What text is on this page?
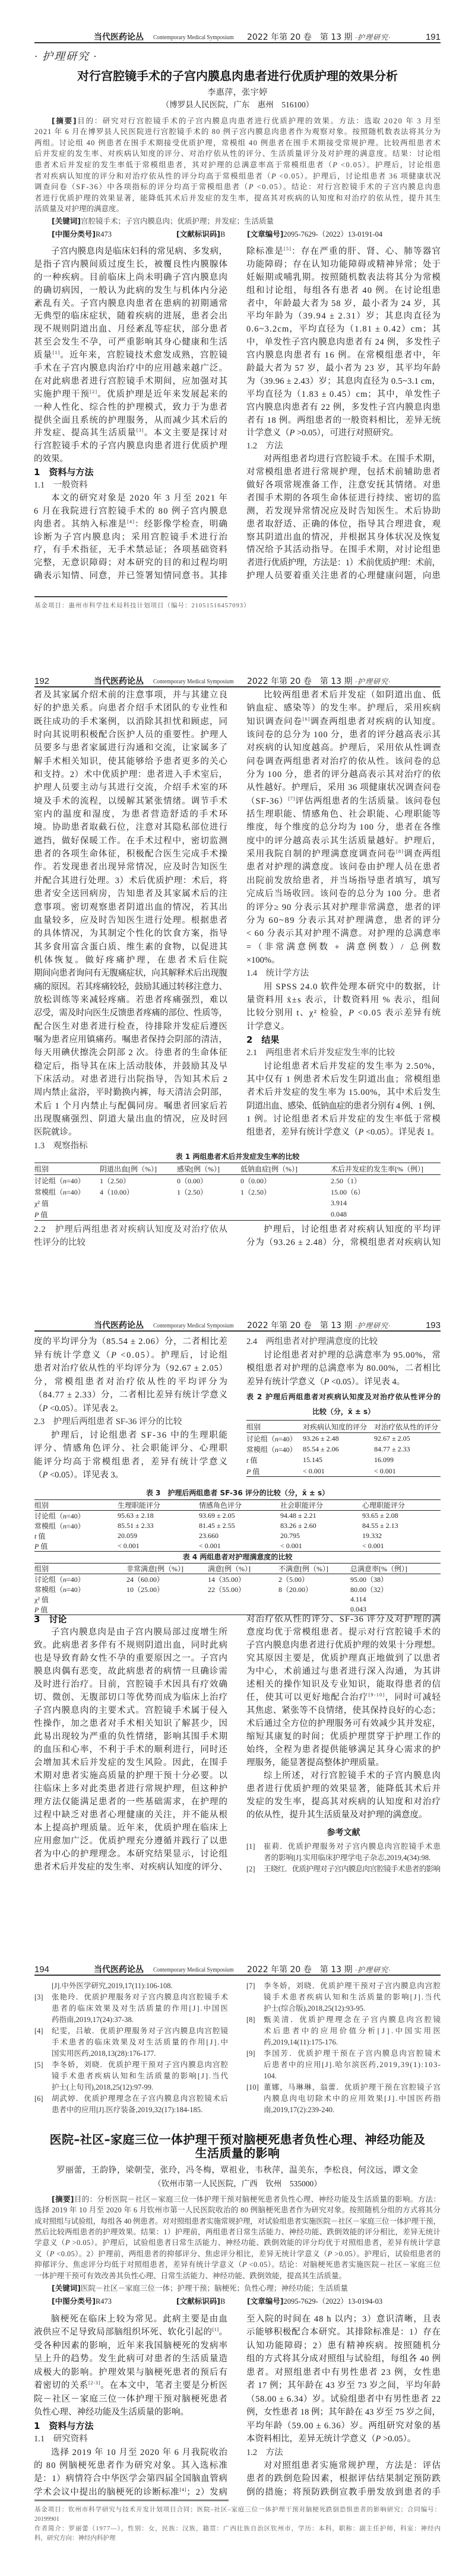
当代医药论丛 Contemporary Medical Symposium 2022 年第 20 卷　第 13 期 ·护理研究·	191
· 护理研究 ·
对行宫腔镜手术的子宫内膜息肉患者进行优质护理的效果分析
李惠萍，张宇婷
（博罗县人民医院，广东　惠州　516100）
[摘要]目的：研究对行宫腔镜手术的子宫内膜息肉患者进行优质护理的效果。方法：选取 2020 年 3 月至
2021 年 6 月在博罗县人民医院进行宫腔镜手术的 80 例子宫内膜息肉患者作为观察对象。按照随机数表法将其分为
两组。讨论组 40 例患者在围手术期接受优质护理，常模组 40 例患者在围手术期接受常规护理。比较两组患者术
后并发症的发生率、对疾病认知度的评分、对治疗依从性的评分、生活质量评分及对护理的满意度。结果：讨论组
患者术后并发症的发生率低于常模组患者，其对护理的总满意率高于常模组患者（P <0.05）。护理后，讨论组患
者对疾病认知度的评分和对治疗依从性的评分均高于常模组患者（P <0.05）。护理后，讨论组患者 36 项健康状况
调查问卷（SF-36）中各项指标的评分均高于常模组患者（P <0.05）。结论：对行宫腔镜手术的子宫内膜息肉患
者进行优质护理的效果显著，能降低其术后并发症的发生率，提高其对疾病的认知度和对治疗的依从性，提升其生
活质量及对护理的满意度。
[关键词]宫腔镜手术；子宫内膜息肉；优质护理；并发症；生活质量
[中图分类号]R473	[文献标识码]B	[文章编号]2095-7629-（2022）13-0191-04
子宫内膜息肉是临床妇科的常见病、多发病，
是指子宫内膜间质过度生长，被覆良性内膜腺体
的一种疾病。目前临床上尚未明确子宫内膜息肉
的确切病因，一般认为此病的发生与机体内分泌
紊乱有关。子宫内膜息肉患者在患病的初期通常
无典型的临床症状，随着疾病的进展，患者会出
现不规则阴道出血、月经紊乱等症状，部分患者
甚至会发生不孕，可严重影响其身心健康和生活
质量[1]。近年来，宫腔镜技术愈发成熟，宫腔镜
手术在子宫内膜息肉治疗中的应用越来越广泛。
在对此病患者进行宫腔镜手术期间，应加强对其
实施护理干预[2]。优质护理是近年来发展起来的
一种人性化、综合性的护理模式，致力于为患者
提供全面且系统的护理服务，从而减少其术后的
并发症、提高其生活质量[3]。本文主要是探讨对
行宫腔镜手术的子宫内膜息肉患者进行优质护理
的效果。
1　资料与方法
1.1　一般资料
本文的研究对象是 2020 年 3 月至 2021 年
6 月在我院进行宫腔镜手术的 80 例子宫内膜息
肉患者。其纳入标准是[4]：经影像学检查，明确
诊断为子宫内膜息肉；采用宫腔镜手术进行治
疗，有手术指征，无手术禁忌证；各项基础资料
完整，无意识障碍；对本研究的目的和过程均明
确表示知情、同意，并已签署知情同意书。其排
除标准是[5]：存在严重的肝、肾、心、肺等器官
功能障碍；存在认知功能障碍或精神异常；处于
妊娠期或哺乳期。按照随机数表法将其分为常模
组和讨论组，每组各有患者 40 例。在讨论组患
者中，年龄最大者为 58 岁，最小者为 24 岁，其
平均年龄为（39.94 ± 2.31）岁；其息肉直径为
0.6~3.2cm，平均直径为（1.81 ± 0.42）cm；其
中，单发性子宫内膜息肉患者有 24 例，多发性子
宫内膜息肉患者有 16 例。在常模组患者中，年
龄最大者为 57 岁，最小者为 23 岁，其平均年龄
为（39.96 ± 2.43）岁；其息肉直径为 0.5~3.1 cm，
平均直径为（1.83 ± 0.45）cm；其中，单发性子
宫内膜息肉患者有 22 例，多发性子宫内膜息肉患
者有 18 例。两组患者的一般资料相比，差异无统
计学意义（P >0.05），可进行对照研究。
1.2　方法
对两组患者均进行宫腔镜手术。在围手术期，
对常模组患者进行常规护理，包括术前辅助患者
做好各项常规准备工作，注意安抚其情绪。对患
者围手术期的各项生命体征进行持续、密切的监
测，若发现异常情况应及时告知医生。术后协助
患者取舒适、正确的体位，指导其合理进食，观
察其阴道出血的情况，并根据其身体状况及恢复
情况给予其活动指导。在围手术期，对讨论组患
者进行优质护理，方法是：1）术前优质护理：术前，
护理人员要着重关注患者的心理健康问题，向患
基金项目：惠州市科学技术局科技计划项目（编号：21051516457093）
192	当代医药论丛 Contemporary Medical Symposium 2022 年第 20 卷　第 13 期 ·护理研究·
者及其家属介绍术前的注意事项，并与其建立良
好的护患关系。向患者介绍手术团队的专业性和
既往成功的手术案例，以消除其担忧和顾虑，同
时向其说明积极配合医护人员的重要性。护理人
员要多与患者家属进行沟通和交流，让家属多了
解手术相关知识，使其能够给予患者更多的关心
和支持。2）术中优质护理：患者进入手术室后，
护理人员要主动与其进行交流，介绍手术室的环
境及手术的流程，以缓解其紧张情绪。调节手术
室内的温度和湿度，为患者营造舒适的手术环
境。协助患者取截石位，注意对其隐私部位进行
遮挡，做好保暖工作。在手术过程中，密切监测
患者的各项生命体征，积极配合医生完成手术操
作。若发现患者出现异常情况，应及时告知医生
并配合其进行处理。3）术后优质护理：术后，将
患者安全送回病房，告知患者及其家属术后的注
意事项。密切观察患者阴道出血的情况，若其出
血量较多，应及时告知医生进行处理。根据患者
的具体情况，为其制定个性化的饮食方案，指导
其多食用富含蛋白质、维生素的食物，以促进其
机体恢复。做好疼痛护理，在患者术后住院
期间向患者询问有无腹痛症状，向其解释术后出现腹
痛的原因。若其疼痛较轻，鼓励其通过转移注意力、
放松训练等来减轻疼痛。若患者疼痛强烈，难以
忍受，需及时向医生反馈患者疼痛的部位、性质等，
配合医生对患者进行检查，待排除并发症后遵医
嘱为患者应用镇痛药。嘱患者保持会阴部的清洁，
每天用碘伏擦洗会阴部 2 次。待患者的生命体征
稳定后，指导其在床上活动肢体，并鼓励其及早
下床活动。对患者进行出院指导，告知其术后 2
周内禁止盆浴，平时勤换内裤，每天清洁会阴部，
术后 1 个月内禁止与配偶同房。嘱患者回家后若
出现腹痛强烈、阴道大量出血的情况，应及时回
医院就诊。
1.3　观察指标
比较两组患者术后并发症（如阴道出血、低
钠血症、感染等）的发生率。护理后，采用疾病
知识调查问卷[6]调查两组患者对疾病的认知度。
该问卷的总分为 100 分，患者的评分越高表示其
对疾病的认知度越高。护理后，采用依从性调查
问卷调查两组患者对治疗的依从性。该问卷的总
分为 100 分，患者的评分越高表示其对治疗的依
从性越好。护理后，采用 36 项健康状况调查问卷
（SF-36）[7]评估两组患者的生活质量。该问卷包
括生理职能、情感角色、社会职能、心理职能等
维度，每个维度的总分均为 100 分，患者在各维
度中的评分越高表示其生活质量越好。护理后，
采用我院自制的护理满意度调查问卷[8]调查两组
患者对护理的满意度。该问卷由护理人员在患者
出院前发放给患者，并当场指导患者填写，填写
完成后当场收回。该问卷的总分为 100 分。患者
的评分≥ 90 分表示其对护理非常满意，患者的评
分为 60~89 分表示其对护理满意，患者的评分
< 60 分表示其对护理不满意。对护理的总满意率
=（非常满意例数 + 满意例数）/ 总例数
×100%。
1.4　统计学方法
用 SPSS 24.0 软件处理本研究中的数据，计
量资料用 x̄±s 表示，计数资料用 % 表示，组间
比较分别用 t、χ² 检验，P <0.05 表示差异有统
计学意义。
2　结果
2.1　两组患者术后并发症发生率的比较
讨论组患者术后并发症的发生率为 2.50%，
其中仅有 1 例患者术后发生阴道出血；常模组患
者术后并发症的发生率为 15.00%，其中术后发生
阴道出血、感染、低钠血症的患者分别有 4 例、1 例、
1 例。讨论组患者术后并发症的发生率低于常模
组患者，差异有统计学意义（P <0.05）。详见表 1。
表 1 两组患者术后并发症发生率的比较
组别	阴道出血[例（%）]	感染[例（%）]	低钠血症[例（%）]	术后并发症的发生率[%（例）]
讨论组（n=40）	1（2.50）	0（0.00）	0（0.00）	2.50（1）
常模组（n=40）	4（10.00）	1（2.50）	1（2.50）	15.00（6）
χ² 值				3.914
P 值				0.048
2.2　护理后两组患者对疾病认知度及对治疗依从
性评分的比较
护理后，讨论组患者对疾病认知度的平均评
分为（93.26 ± 2.48）分，常模组患者对疾病认知
当代医药论丛 Contemporary Medical Symposium 2022 年第 20 卷　第 13 期 ·护理研究·	193
度的平均评分为（85.54 ± 2.06）分，二者相比差
异有统计学意义（P <0.05）。护理后，讨论组
患者对治疗依从性的平均评分为（92.67 ± 2.05）
分，常模组患者对治疗依从性的平均评分为
（84.77 ± 2.33）分，二者相比差异有统计学意义
（P <0.05）。详见表 2。
2.3　护理后两组患者 SF-36 评分的比较
护理后，讨论组患者 SF-36 中的生理职能
评分、情感角色评分、社会职能评分、心理职
能评分均高于常模组患者，差异有统计学意义
（P <0.05）。详见表 3。
2.4　两组患者对护理满意度的比较
讨论组患者对护理的总满意率为 95.00%，常
模组患者对护理的总满意率为 80.00%，二者相比
差异有统计学意义（P <0.05）。详见表 4。
表 2 护理后两组患者对疾病认知度及对治疗依从性评分的
比较（分，x̄ ± s）
组别	对疾病认知度的评分	对治疗依从性的评分
讨论组（n=40）	93.26 ± 2.48	92.67 ± 2.05
常模组（n=40）	85.54 ± 2.06	84.77 ± 2.33
t 值	15.145	16.099
P 值	< 0.001	< 0.001
表 3　护理后两组患者 SF-36 评分的比较（分，x̄ ± s）
组别	生理职能评分	情感角色评分	社会职能评分	心理职能评分
讨论组（n=40）	95.63 ± 2.18	93.69 ± 2.05	94.48 ± 2.21	93.65 ± 2.08
常模组（n=40）	85.51 ± 2.33	81.45 ± 2.55	83.26 ± 2.60	84.55 ± 2.13
t 值	20.059	23.660	20.795	19.332
P 值	< 0.001	< 0.001	< 0.001	< 0.001
表 4 两组患者对护理满意度的比较
组别	非常满意[例（%）]	满意[例（%）]	不满意[例（%）]	总满意率[%（例）]
讨论组（n=40）	24（60.00）	14（35.00）	2（5.00）	95.00（38）
常模组（n=40）	10（25.00）	22（55.00）	8（20.00）	80.00（32）
χ² 值				4.114
P 值				0.043
3　讨论
子宫内膜息肉是由子宫内膜局部过度增生所
致。此病患者多伴有不规则阴道出血，同时此病
也是导致育龄女性不孕的重要原因之一。子宫内
膜息肉偶有恶变，故此病患者的病情一旦确诊需
及时进行治疗。目前，宫腔镜手术因具有疗效确
切、微创、无腹部切口等优势而成为临床上治疗
子宫内膜息肉的主要术式。宫腔镜手术属于侵入
性操作，加之患者对手术相关知识了解甚少，因
此易出现较为严重的负性情绪，影响其围手术期
的血压和心率，不利于手术的顺利进行，同时还
会增加其术后并发症的发生风险。因此，在围手
术期对患者实施高质量的护理干预十分必要。以
往临床上多对此类患者进行常规护理，但这种护
理方法仅能满足患者的一些基础需求，在护理的
过程中缺乏对患者心理健康的关注，并不能从根
本上提高护理质量。近年来，优质护理在临床上
应用愈加广泛。优质护理充分遵循并践行了以患
者为中心的护理理念。本研究结果显示，讨论组
患者术后并发症的发生率、对疾病认知度的评分、
对治疗依从性的评分、SF-36 评分及对护理的满
意度均优于常模组患者。提示对行宫腔镜手术的
子宫内膜息肉患者进行优质护理的效果十分理想。
究其原因主要是，优质护理真正地做到了以患者
为中心，术前通过与患者进行深入沟通，为其讲
述相关的操作知识及专业知识，能取得患者的信
任，使其可以更好地配合治疗[9-10]，同时可减轻
其焦虑、紧张等不良情绪，使其保持良好的心态；
术后通过全方位的护理服务可有效减少其并发症，
缩短其康复的时间；优质护理贯穿于护理工作的
始终，全程为患者提供能够满足其身心需求的护
理服务，能显著提高整体护理质量。
综上所述，对行宫腔镜手术的子宫内膜息肉
患者进行优质护理的效果显著，能降低其术后并
发症的发生率，提高其对疾病的认知度和对治疗
的依从性，提升其生活质量及对护理的满意度。
参考文献
[1] 崔莉．优质护理服务对子宫内膜息肉宫腔镜手术患
者的影响[J].实用临床护理学电子杂志,2019,4(34):98.
[2] 王晓红．优质护理对子宫内膜息肉宫腔镜手术患者的影响
194	当代医药论丛 Contemporary Medical Symposium 2022 年第 20 卷　第 13 期 ·护理研究·
[J].中外医学研究,2019,17(11):106-108.
[3] 张艳玲．优质护理服务对子宫内膜息肉宫腔镜手术
患者的临床效果及对生活质量的作用[J].中国医
药指南,2019,17(24):37-38.
[4] 纪雯，吕敏．优质护理服务对子宫内膜息肉宫腔镜
手术患者的临床效果及对生活质量的作用[J].中
国实用医药,2018,13(28):176-177.
[5] 李冬娇，刘晓．优质护理干预对子宫内膜息肉宫腔
镜手术患者疾病认知和生活质量的影响[J].当代
护士(上旬刊),2018,25(12):97-99.
[6] 胡武婷．优质护理理念在子宫内膜息肉宫腔镜术后
患者中的应用[J].医疗装备,2019,32(17):184-185.
[7] 李冬娇，刘晓．优质护理干预对子宫内膜息肉宫腔
镜手术患者疾病认知和生活质量的影响[J].当代
护士(综合版),2018,25(12):93-95.
[8] 甄美清．优质护理理念在子宫内膜息肉宫腔镜
术后患者中的应用价值分析[J].中国实用医
药,2019,14(11):175-176.
[9] 李国芳．优质护理干预在子宫内膜息肉宫腔镜术
后患者中的应用[J].哈尔滨医药,2019,39(1):103-
104.
[10] 董娜，马琳琳，翁蕾．优质护理干预在宫腔镜子宫
内膜息肉电切除术中的应用效果[J].中国医药指
南,2019,17(2):239-240.
医院–社区–家庭三位一体护理干预对脑梗死患者负性心理、神经功能及
生活质量的影响
罗丽蕾，王韵铮，梁朝莹，张玲，冯冬梅，覃祖业，韦秋萍，温美东，李松良，何汶远，谭文金
（钦州市第一人民医院，广西　钦州　535000）
[摘要]目的：分析医院－社区－家庭三位一体护理干预对脑梗死患者负性心理、神经功能及生活质量的影响。方法：
选择 2019 年 10 月至 2020 年 6 月钦州市第一人民医院收治的 80 例脑梗死患者作为研究对象。按照随机分组的方式将其分
成对照组与试验组，每组各 40 例患者。对对照组患者实施常规护理，对试验组患者实施医院－社区－家庭三位一体护理干预，
然后比较两组患者的护理效果。结果：1）护理前，两组患者日常生活能力、神经功能、跌倒效能的评分相比，差异无统计
学意义（P >0.05）。护理后，试验组患者日常生活能力、神经功能、跌倒效能的评分均优于对照组患者，差异有统计学意
义（P <0.05）。2）护理前，两组患者的抑郁评分、焦虑评分相比，差异无统计学意义（P >0.05）。护理后，试验组患者的
抑郁评分、焦虑评分均低于对照组患者，差异有统计学意义（P <0.05）。结论：对脑梗死患者实施医院－社区－家庭三位
一体护理干预可有效改善其负性心理、日常生活能力、神经功能、跌倒效能，提高其生活质量。
[关键词]医院－社区－家庭三位一体；护理干预；脑梗死；负性心理；神经功能；生活质量
[中图分类号]R473	[文献标识码]B	[文章编号]2095-7629-（2022）13-0194-03
脑梗死在临床上较为常见。此病主要是由血
液供应不足导致局部脑组织坏死、软化引起的[1]。
受各种因素的影响，近年来我国脑梗死的发病率
呈上升的趋势。发生此病可对患者的生活质量造
成极大的影响。护理效果与脑梗死患者的预后有
着密切的关系[2-3]。在本文中，笔者主要是分析医
院－社区－家庭三位一体护理干预对脑梗死患者
负性心理、神经功能及生活质量的影响。
1　资料与方法
1.1　研究资料
选择 2019 年 10 月至 2020 年 6 月我院收治
的 80 例脑梗死患者作为研究对象。其入选标准
是：1）病情符合中华医学会第四届全国脑血管病
学术会议中提出的脑梗死的诊断标准[4]；2）发病
至入院的时间在 48 h 以内；3）意识清晰，且表
示能够积极配合本研究。其排除标准是：1）存在
认知功能障碍；2）患有精神疾病。按照随机分
组的方式将其分成对照组与试验组，每组各 40 例
患者。对照组患者中有男性患者 23 例，女性患
者 17 例；其年龄在 43 岁至 73 岁之间，平均年龄
（58.00 ± 6.34）岁。试验组患者中有男性患者 22
例，女性患者 18 例；其年龄在 43 岁至 75 岁之间，
平均年龄（59.00 ± 6.36）岁。两组研究对象的基
本资料相比，差异无统计学意义（P >0.05）。
1.2　方法
对对照组患者实施常规护理，方法是：评估
患者的跌倒危险因素，根据评估结果制定预防跌
倒的措施；将预防跌倒宣教手册发放到患者的手
基金项目：钦州市科学研究与技术开发计划项目合同；医院–社区–家庭三位一体护理干预对脑梗死跌倒恐惧患者的影响研究；合同编号：
20199901
作者简介：罗丽蕾（1977—），性别：女，民族：汉族，籍贯：广西壮族自治区钦州市，学历：本科，职称：副主任护师，科室：神经内
科，研究方向：神经内科护理
